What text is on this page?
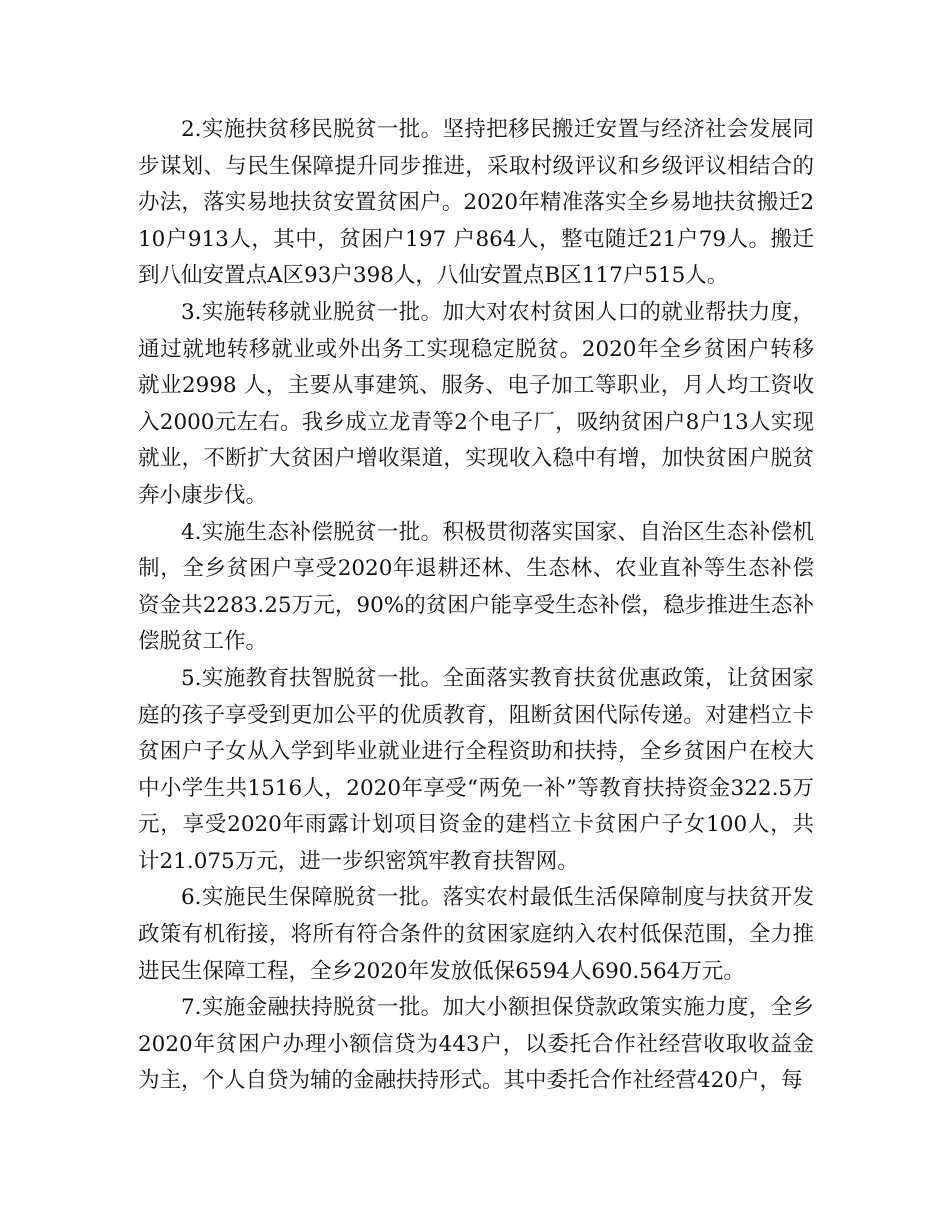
2.实施扶贫移民脱贫一批。坚持把移民搬迁安置与经济社会发展同步谋划、与民生保障提升同步推进，采取村级评议和乡级评议相结合的办法，落实易地扶贫安置贫困户。2020年精准落实全乡易地扶贫搬迁210户913人，其中，贫困户197 户864人，整屯随迁21户79人。搬迁到八仙安置点A区93户398人，八仙安置点B区117户515人。

3.实施转移就业脱贫一批。加大对农村贫困人口的就业帮扶力度，通过就地转移就业或外出务工实现稳定脱贫。2020年全乡贫困户转移就业2998 人，主要从事建筑、服务、电子加工等职业，月人均工资收入2000元左右。我乡成立龙青等2个电子厂，吸纳贫困户8户13人实现就业，不断扩大贫困户增收渠道，实现收入稳中有增，加快贫困户脱贫奔小康步伐。

4.实施生态补偿脱贫一批。积极贯彻落实国家、自治区生态补偿机制，全乡贫困户享受2020年退耕还林、生态林、农业直补等生态补偿资金共2283.25万元，90%的贫困户能享受生态补偿，稳步推进生态补偿脱贫工作。

5.实施教育扶智脱贫一批。全面落实教育扶贫优惠政策，让贫困家庭的孩子享受到更加公平的优质教育，阻断贫困代际传递。对建档立卡贫困户子女从入学到毕业就业进行全程资助和扶持，全乡贫困户在校大中小学生共1516人，2020年享受“两免一补”等教育扶持资金322.5万元，享受2020年雨露计划项目资金的建档立卡贫困户子女100人，共计21.075万元，进一步织密筑牢教育扶智网。

6.实施民生保障脱贫一批。落实农村最低生活保障制度与扶贫开发政策有机衔接，将所有符合条件的贫困家庭纳入农村低保范围，全力推进民生保障工程，全乡2020年发放低保6594人690.564万元。

7.实施金融扶持脱贫一批。加大小额担保贷款政策实施力度，全乡2020年贫困户办理小额信贷为443户，以委托合作社经营收取收益金为主，个人自贷为辅的金融扶持形式。其中委托合作社经营420户，每
